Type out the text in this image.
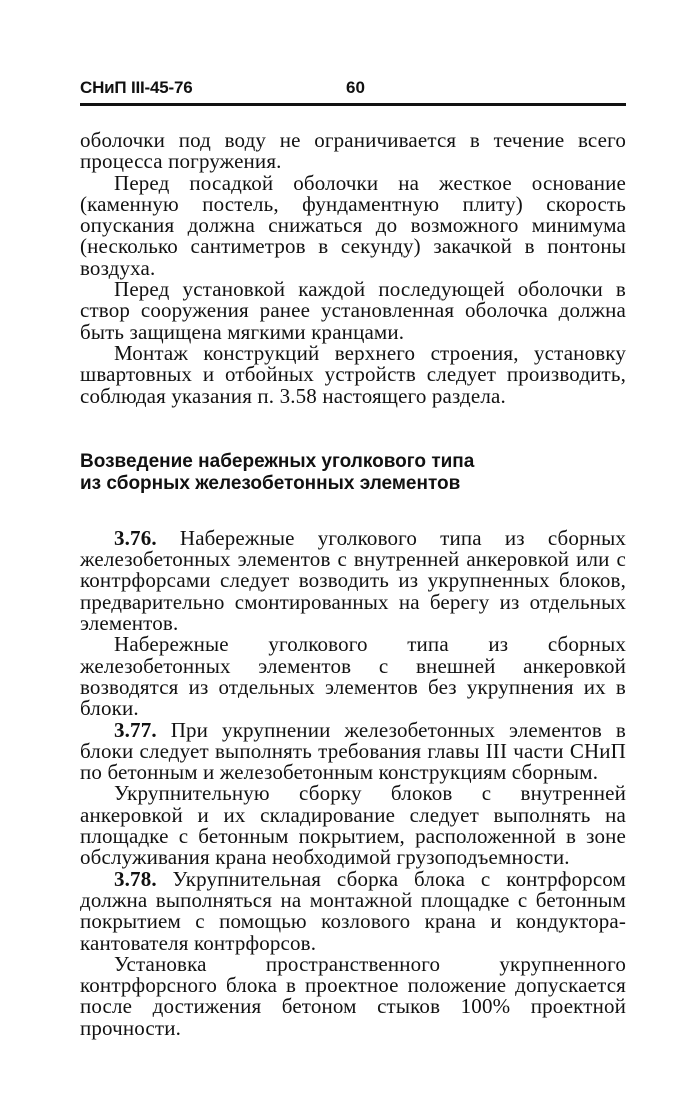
СНиП III-45-76	60

оболочки под воду не ограничивается в течение всего процесса погружения.

Перед посадкой оболочки на жесткое основание (каменную постель, фундаментную плиту) скорость опускания должна снижаться до возможного минимума (несколько сантиметров в секунду) закачкой в понтоны воздуха.

Перед установкой каждой последующей оболочки в створ сооружения ранее установленная оболочка должна быть защищена мягкими кранцами.

Монтаж конструкций верхнего строения, установку швартовных и отбойных устройств следует производить, соблюдая указания п. 3.58 настоящего раздела.

Возведение набережных уголкового типа из сборных железобетонных элементов

3.76. Набережные уголкового типа из сборных железобетонных элементов с внутренней анкеровкой или с контрфорсами следует возводить из укрупненных блоков, предварительно смонтированных на берегу из отдельных элементов.

Набережные уголкового типа из сборных железобетонных элементов с внешней анкеровкой возводятся из отдельных элементов без укрупнения их в блоки.

3.77. При укрупнении железобетонных элементов в блоки следует выполнять требования главы III части СНиП по бетонным и железобетонным конструкциям сборным.

Укрупнительную сборку блоков с внутренней анкеровкой и их складирование следует выполнять на площадке с бетонным покрытием, расположенной в зоне обслуживания крана необходимой грузоподъемности.

3.78. Укрупнительная сборка блока с контрфорсом должна выполняться на монтажной площадке с бетонным покрытием с помощью козлового крана и кондуктора-кантователя контрфорсов.

Установка пространственного укрупненного контрфорсного блока в проектное положение допускается после достижения бетоном стыков 100% проектной прочности.
